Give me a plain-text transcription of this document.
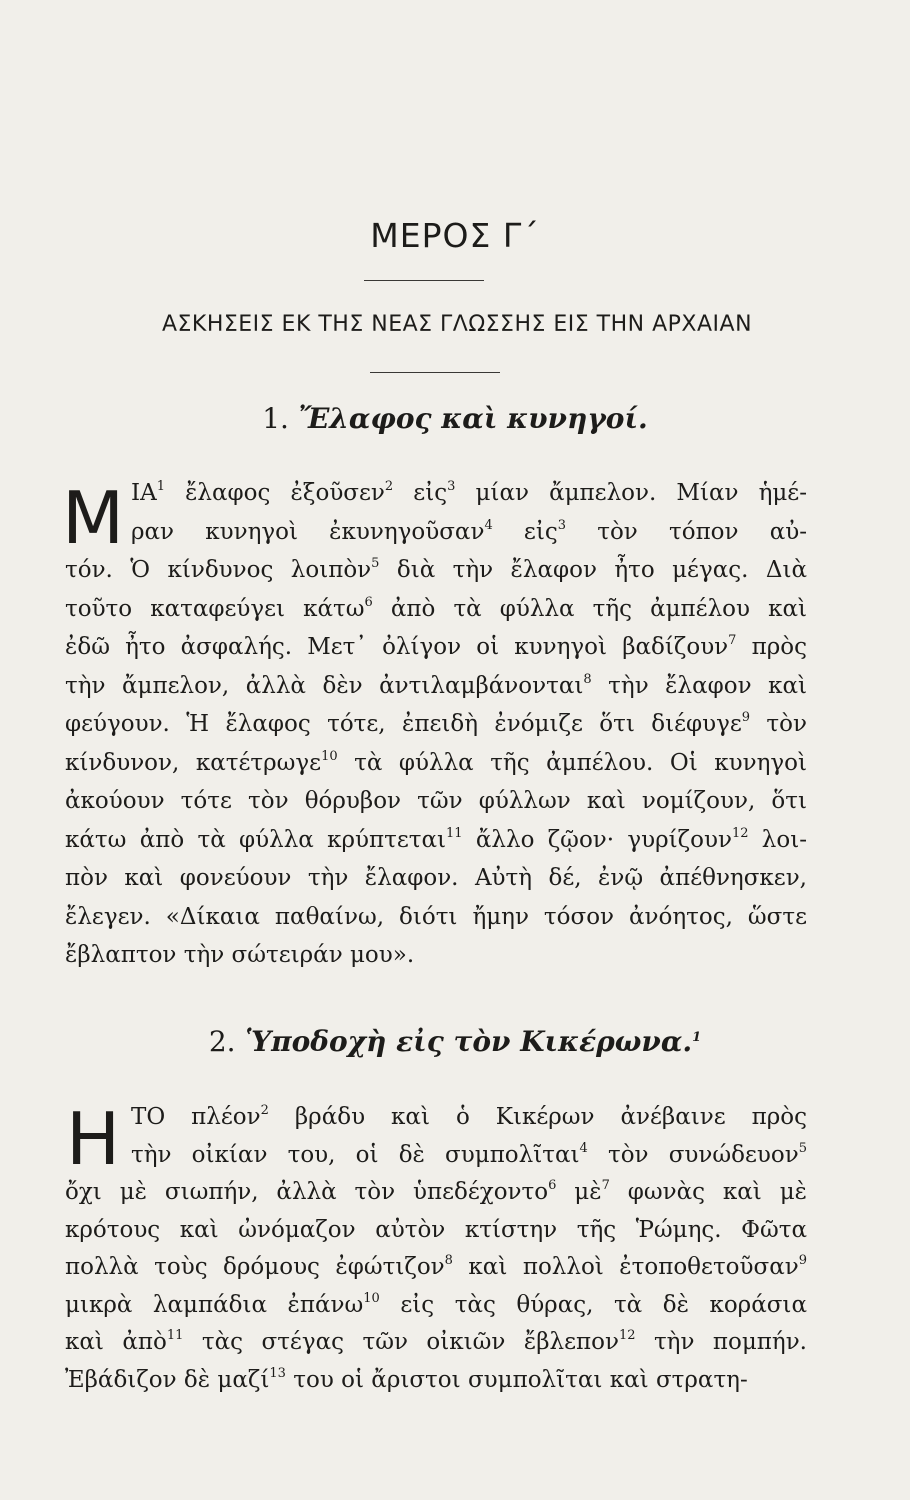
ΜΕΡΟΣ Γ΄
ΑΣΚΗΣΕΙΣ ΕΚ ΤΗΣ ΝΕΑΣ ΓΛΩΣΣΗΣ ΕΙΣ ΤΗΝ ΑΡΧΑΙΑΝ
1. Ἔλαφος καὶ κυνηγοί.
Μ $IA^1$ ἔλαφος ἐξοῦσεν$^2$ εἰς$^3$ μίαν ἄμπελον. Μίαν ἡμέ-
ραν κυνηγοὶ ἐκυνηγοῦσαν$^4$ εἰς$^3$ τὸν τόπον αὐ-
τόν. Ὁ κίνδυνος λοιπὸν$^5$ διὰ τὴν ἔλαφον ἦτο μέγας. Διὰ
τοῦτο καταφεύγει κάτω$^6$ ἀπὸ τὰ φύλλα τῆς ἀμπέλου καὶ
ἐδῶ ἦτο ἀσφαλής. Μετ᾽ ὀλίγον οἱ κυνηγοὶ βαδίζουν$^7$ πρὸς
τὴν ἄμπελον, ἀλλὰ δὲν ἀντιλαμβάνονται$^8$ τὴν ἔλαφον καὶ
φεύγουν. Ἡ ἔλαφος τότε, ἐπειδὴ ἐνόμιζε ὅτι διέφυγε$^9$ τὸν
κίνδυνον, κατέτρωγε$^{10}$ τὰ φύλλα τῆς ἀμπέλου. Οἱ κυνηγοὶ
ἀκούουν τότε τὸν θόρυβον τῶν φύλλων καὶ νομίζουν, ὅτι
κάτω ἀπὸ τὰ φύλλα κρύπτεται$^{11}$ ἄλλο ζῷον· γυρίζουν$^{12}$ λοι-
πὸν καὶ φονεύουν τὴν ἔλαφον. Αὐτὴ δέ, ἐνῷ ἀπέθνησκεν,
ἔλεγεν. «Δίκαια παθαίνω, διότι ἤμην τόσον ἀνόητος, ὥστε
ἔβλαπτον τὴν σώτειράν μου».
2. Ὑποδοχὴ εἰς τὸν Κικέρωνα.$^1$
Η ΤΟ πλέον$^2$ βράδυ καὶ ὁ Κικέρων ἀνέβαινε πρὸς
τὴν οἰκίαν του, οἱ δὲ συμπολῖται$^4$ τὸν συνώδευον$^5$
ὄχι μὲ σιωπήν, ἀλλὰ τὸν ὑπεδέχοντο$^6$ μὲ$^7$ φωνὰς καὶ μὲ
κρότους καὶ ὠνόμαζον αὐτὸν κτίστην τῆς Ῥώμης. Φῶτα
πολλὰ τοὺς δρόμους ἐφώτιζον$^8$ καὶ πολλοὶ ἐτοποθετοῦσαν$^9$
μικρὰ λαμπάδια ἐπάνω$^{10}$ εἰς τὰς θύρας, τὰ δὲ κοράσια
καὶ ἀπὸ$^{11}$ τὰς στέγας τῶν οἰκιῶν ἔβλεπον$^{12}$ τὴν πομπήν.
Ἐβάδιζον δὲ μαζί$^{13}$ του οἱ ἄριστοι συμπολῖται καὶ στρατη-
